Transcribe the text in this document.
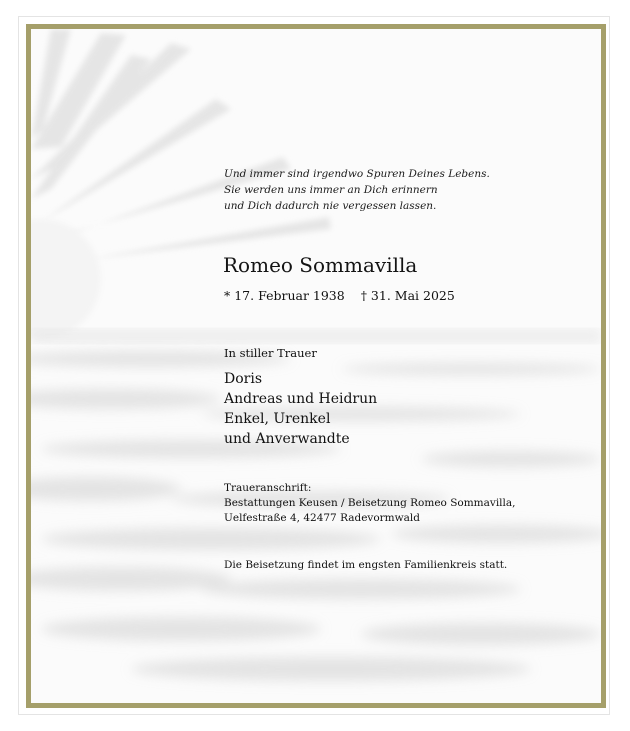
Und immer sind irgendwo Spuren Deines Lebens.
Sie werden uns immer an Dich erinnern
und Dich dadurch nie vergessen lassen.

Romeo Sommavilla
* 17. Februar 1938 † 31. Mai 2025
In stiller Trauer
Doris
Andreas und Heidrun
Enkel, Urenkel
und Anverwandte
Traueranschrift:
Bestattungen Keusen / Beisetzung Romeo Sommavilla,
Uelfestraße 4, 42477 Radevormwald
Die Beisetzung findet im engsten Familienkreis statt.
